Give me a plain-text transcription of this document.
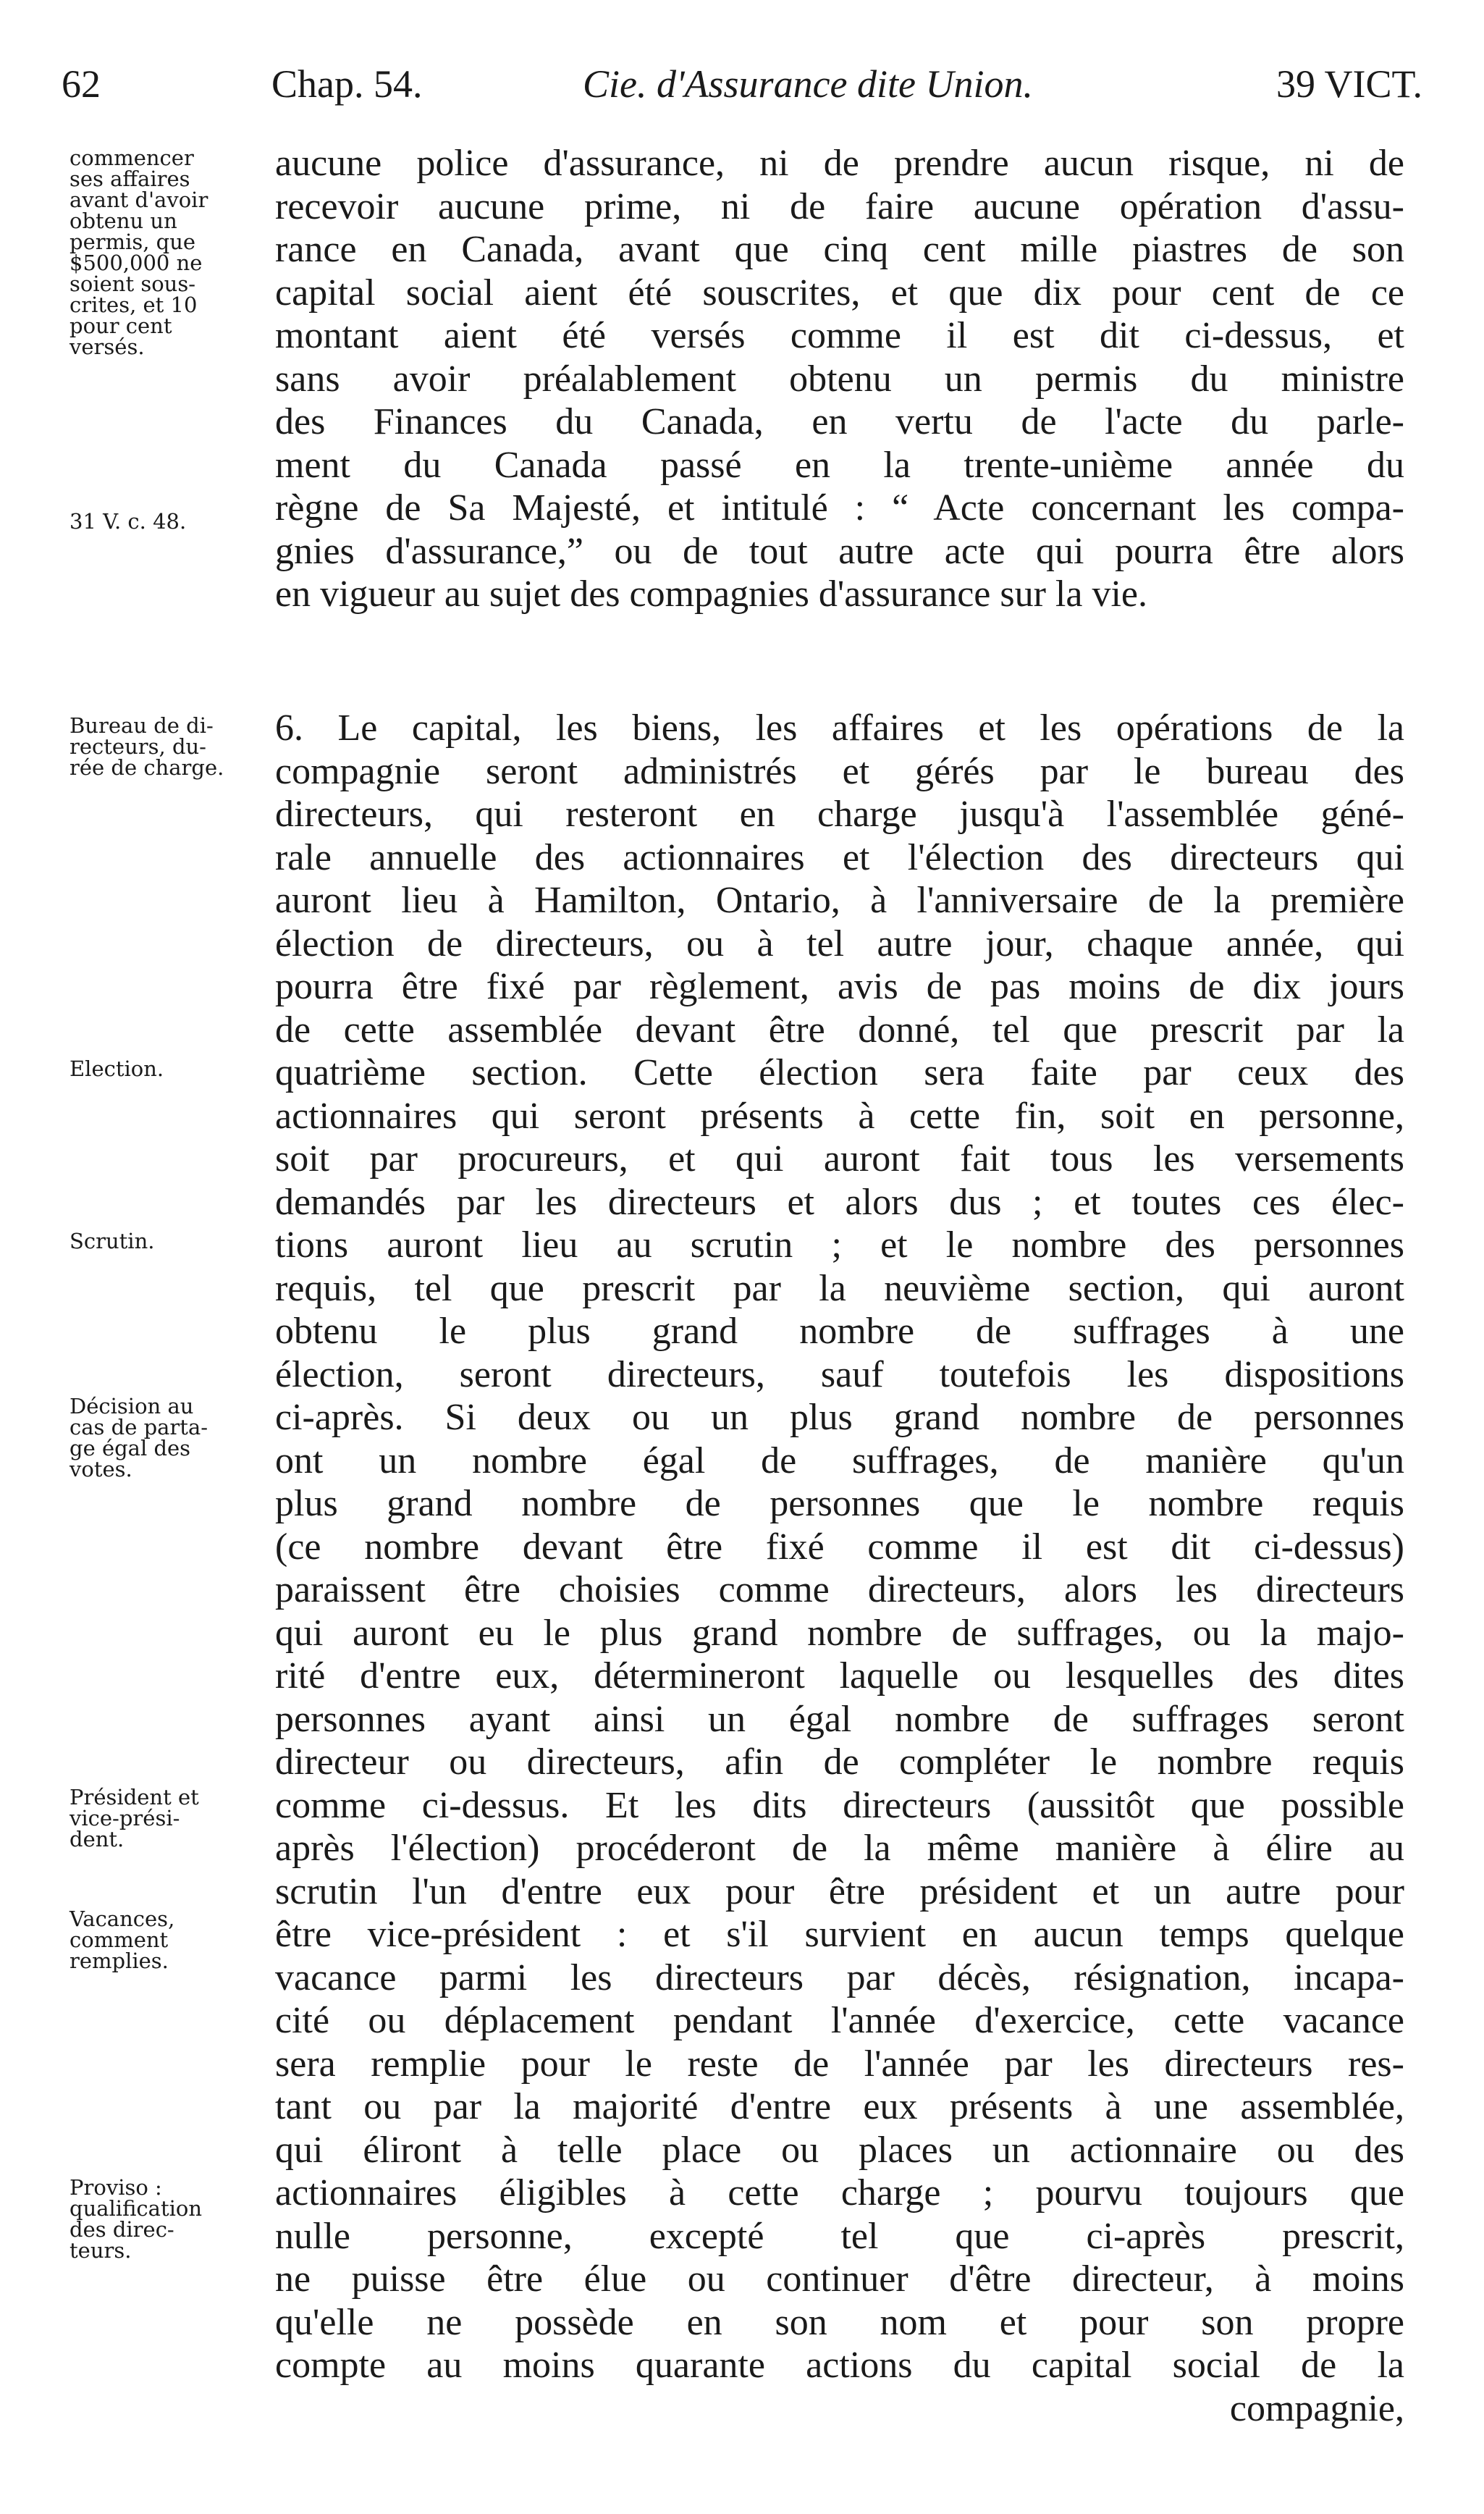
62	Chap. 54.	Cie. d'Assurance dite Union.	39 VICT.
aucune police d'assurance, ni de prendre aucun risque, ni de
recevoir aucune prime, ni de faire aucune opération d'assu-
rance en Canada, avant que cinq cent mille piastres de son
capital social aient été souscrites, et que dix pour cent de ce
montant aient été versés comme il est dit ci-dessus, et
sans avoir préalablement obtenu un permis du ministre
des Finances du Canada, en vertu de l'acte du parle-
ment du Canada passé en la trente-unième année du
règne de Sa Majesté, et intitulé : “ Acte concernant les compa-
gnies d'assurance,” ou de tout autre acte qui pourra être alors
en vigueur au sujet des compagnies d'assurance sur la vie.
6. Le capital, les biens, les affaires et les opérations de la
compagnie seront administrés et gérés par le bureau des
directeurs, qui resteront en charge jusqu'à l'assemblée géné-
rale annuelle des actionnaires et l'élection des directeurs qui
auront lieu à Hamilton, Ontario, à l'anniversaire de la première
élection de directeurs, ou à tel autre jour, chaque année, qui
pourra être fixé par règlement, avis de pas moins de dix jours
de cette assemblée devant être donné, tel que prescrit par la
quatrième section. Cette élection sera faite par ceux des
actionnaires qui seront présents à cette fin, soit en personne,
soit par procureurs, et qui auront fait tous les versements
demandés par les directeurs et alors dus ; et toutes ces élec-
tions auront lieu au scrutin ; et le nombre des personnes
requis, tel que prescrit par la neuvième section, qui auront
obtenu le plus grand nombre de suffrages à une
élection, seront directeurs, sauf toutefois les dispositions
ci-après. Si deux ou un plus grand nombre de personnes
ont un nombre égal de suffrages, de manière qu'un
plus grand nombre de personnes que le nombre requis
(ce nombre devant être fixé comme il est dit ci-dessus)
paraissent être choisies comme directeurs, alors les directeurs
qui auront eu le plus grand nombre de suffrages, ou la majo-
rité d'entre eux, détermineront laquelle ou lesquelles des dites
personnes ayant ainsi un égal nombre de suffrages seront
directeur ou directeurs, afin de compléter le nombre requis
comme ci-dessus. Et les dits directeurs (aussitôt que possible
après l'élection) procéderont de la même manière à élire au
scrutin l'un d'entre eux pour être président et un autre pour
être vice-président : et s'il survient en aucun temps quelque
vacance parmi les directeurs par décès, résignation, incapa-
cité ou déplacement pendant l'année d'exercice, cette vacance
sera remplie pour le reste de l'année par les directeurs res-
tant ou par la majorité d'entre eux présents à une assemblée,
qui éliront à telle place ou places un actionnaire ou des
actionnaires éligibles à cette charge ; pourvu toujours que
nulle personne, excepté tel que ci-après prescrit,
ne puisse être élue ou continuer d'être directeur, à moins
qu'elle ne possède en son nom et pour son propre
compte au moins quarante actions du capital social de la
compagnie,
commencer
ses affaires
avant d'avoir
obtenu un
permis, que
$500,000 ne
soient sous-
crites, et 10
pour cent
versés.
31 V. c. 48.
Bureau de di-
recteurs, du-
rée de charge.
Election.
Scrutin.
Décision au
cas de parta-
ge égal des
votes.
Président et
vice-prési-
dent.
Vacances,
comment
remplies.
Proviso :
qualification
des direc-
teurs.
